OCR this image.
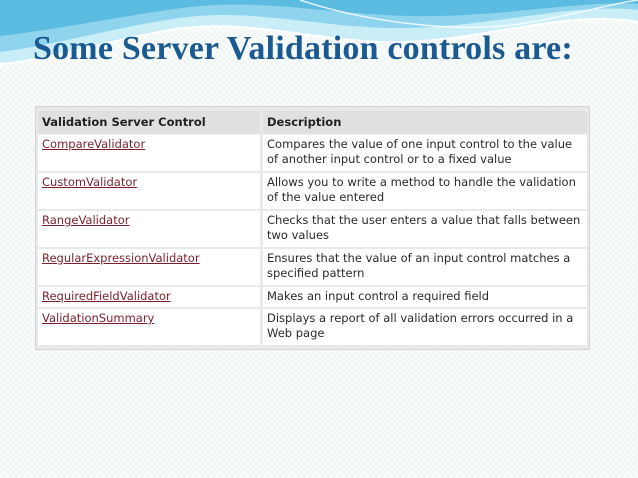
Some Server Validation controls are:
Validation Server Control	Description
CompareValidator	Compares the value of one input control to the value of another input control or to a fixed value
CustomValidator	Allows you to write a method to handle the validation of the value entered
RangeValidator	Checks that the user enters a value that falls between two values
RegularExpressionValidator	Ensures that the value of an input control matches a specified pattern
RequiredFieldValidator	Makes an input control a required field
ValidationSummary	Displays a report of all validation errors occurred in a Web page
